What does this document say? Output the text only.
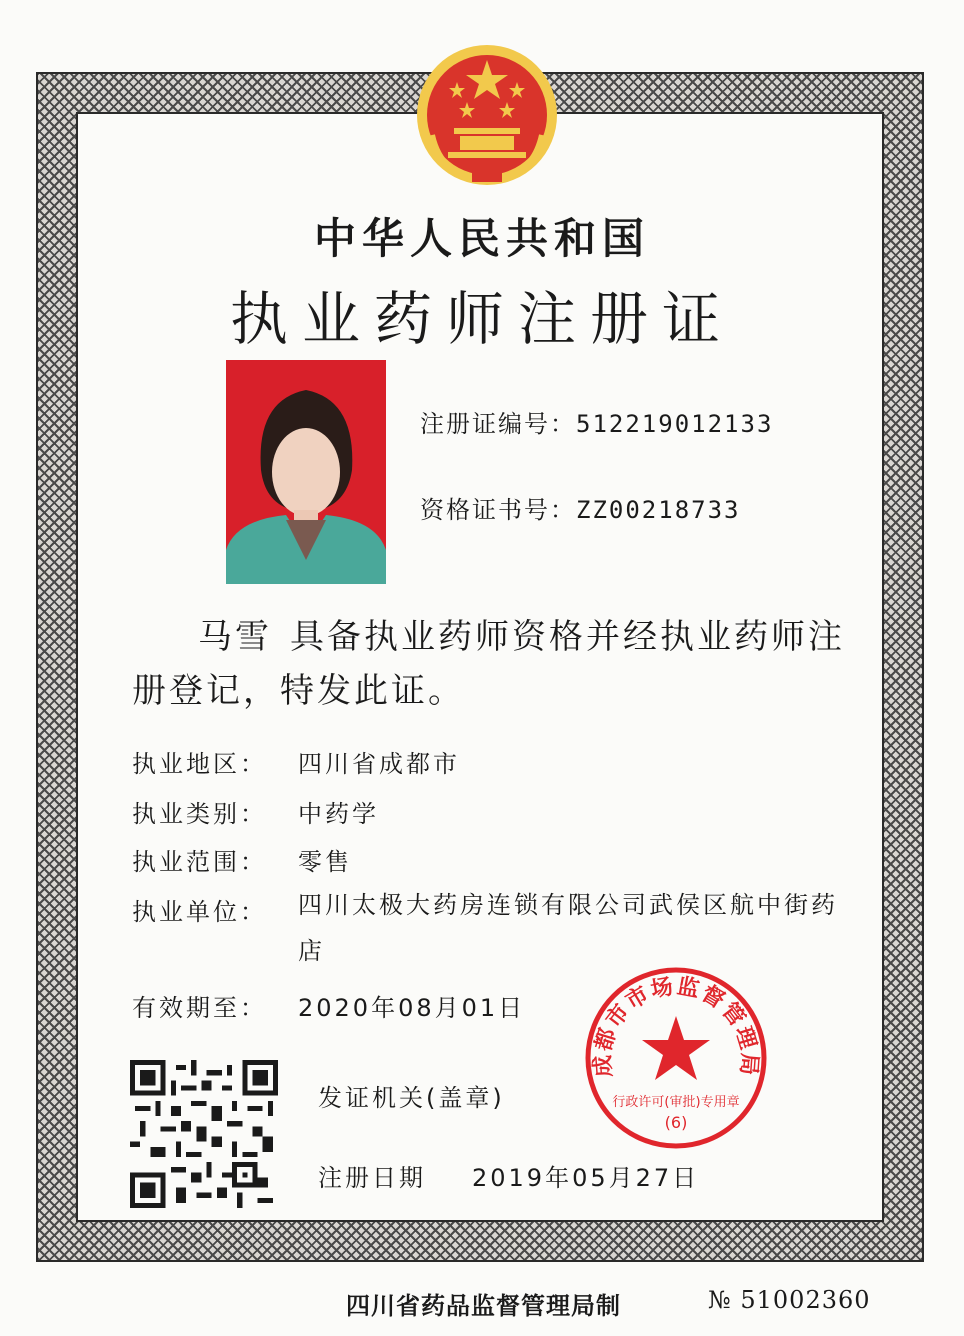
中华人民共和国
执业药师注册证
注册证编号：512219012133
资格证书号：ZZ00218733
马雪 具备执业药师资格并经执业药师注册登记，特发此证。
执业地区： 四川省成都市
执业类别： 中药学
执业范围： 零售
执业单位：	四川太极大药房连锁有限公司武侯区航中街药店
有效期至： 2020年08月01日
发证机关(盖章)
成都市市场监督管理局
行政许可(审批)专用章
(6)
注册日期 2019年05月27日
四川省药品监督管理局制	№ 51002360
